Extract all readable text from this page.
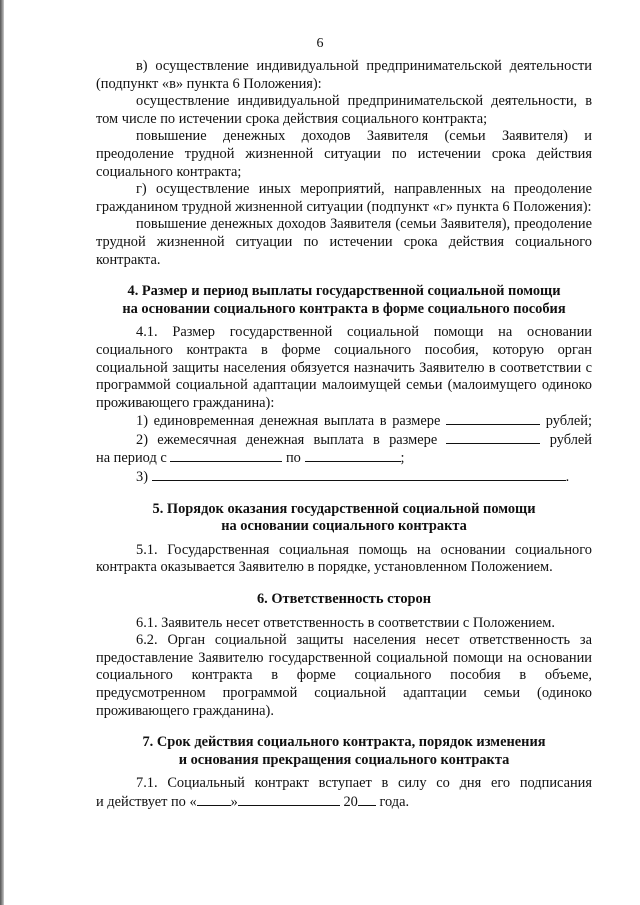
6

в) осуществление индивидуальной предпринимательской деятельности (подпункт «в» пункта 6 Положения):

осуществление индивидуальной предпринимательской деятельности, в том числе по истечении срока действия социального контракта;

повышение денежных доходов Заявителя (семьи Заявителя) и преодоление трудной жизненной ситуации по истечении срока действия социального контракта;

г) осуществление иных мероприятий, направленных на преодоление гражданином трудной жизненной ситуации (подпункт «г» пункта 6 Положения):

повышение денежных доходов Заявителя (семьи Заявителя), преодоление трудной жизненной ситуации по истечении срока действия социального контракта.

4. Размер и период выплаты государственной социальной помощи
на основании социального контракта в форме социального пособия

4.1. Размер государственной социальной помощи на основании социального контракта в форме социального пособия, которую орган социальной защиты населения обязуется назначить Заявителю в соответствии с программой социальной адаптации малоимущей семьи (малоимущего одиноко проживающего гражданина):

1) единовременная денежная выплата в размере	рублей;

2) ежемесячная денежная выплата в размере	рублей

на период с	по	;

3)	.

5. Порядок оказания государственной социальной помощи
на основании социального контракта

5.1. Государственная социальная помощь на основании социального контракта оказывается Заявителю в порядке, установленном Положением.

6. Ответственность сторон

6.1. Заявитель несет ответственность в соответствии с Положением.

6.2. Орган социальной защиты населения несет ответственность за предоставление Заявителю государственной социальной помощи на основании социального контракта в форме социального пособия в объеме, предусмотренном программой социальной адаптации семьи (одиноко проживающего гражданина).

7. Срок действия социального контракта, порядок изменения
и основания прекращения социального контракта

7.1. Социальный контракт вступает в силу со дня его подписания

и действует по « »	20 года.
